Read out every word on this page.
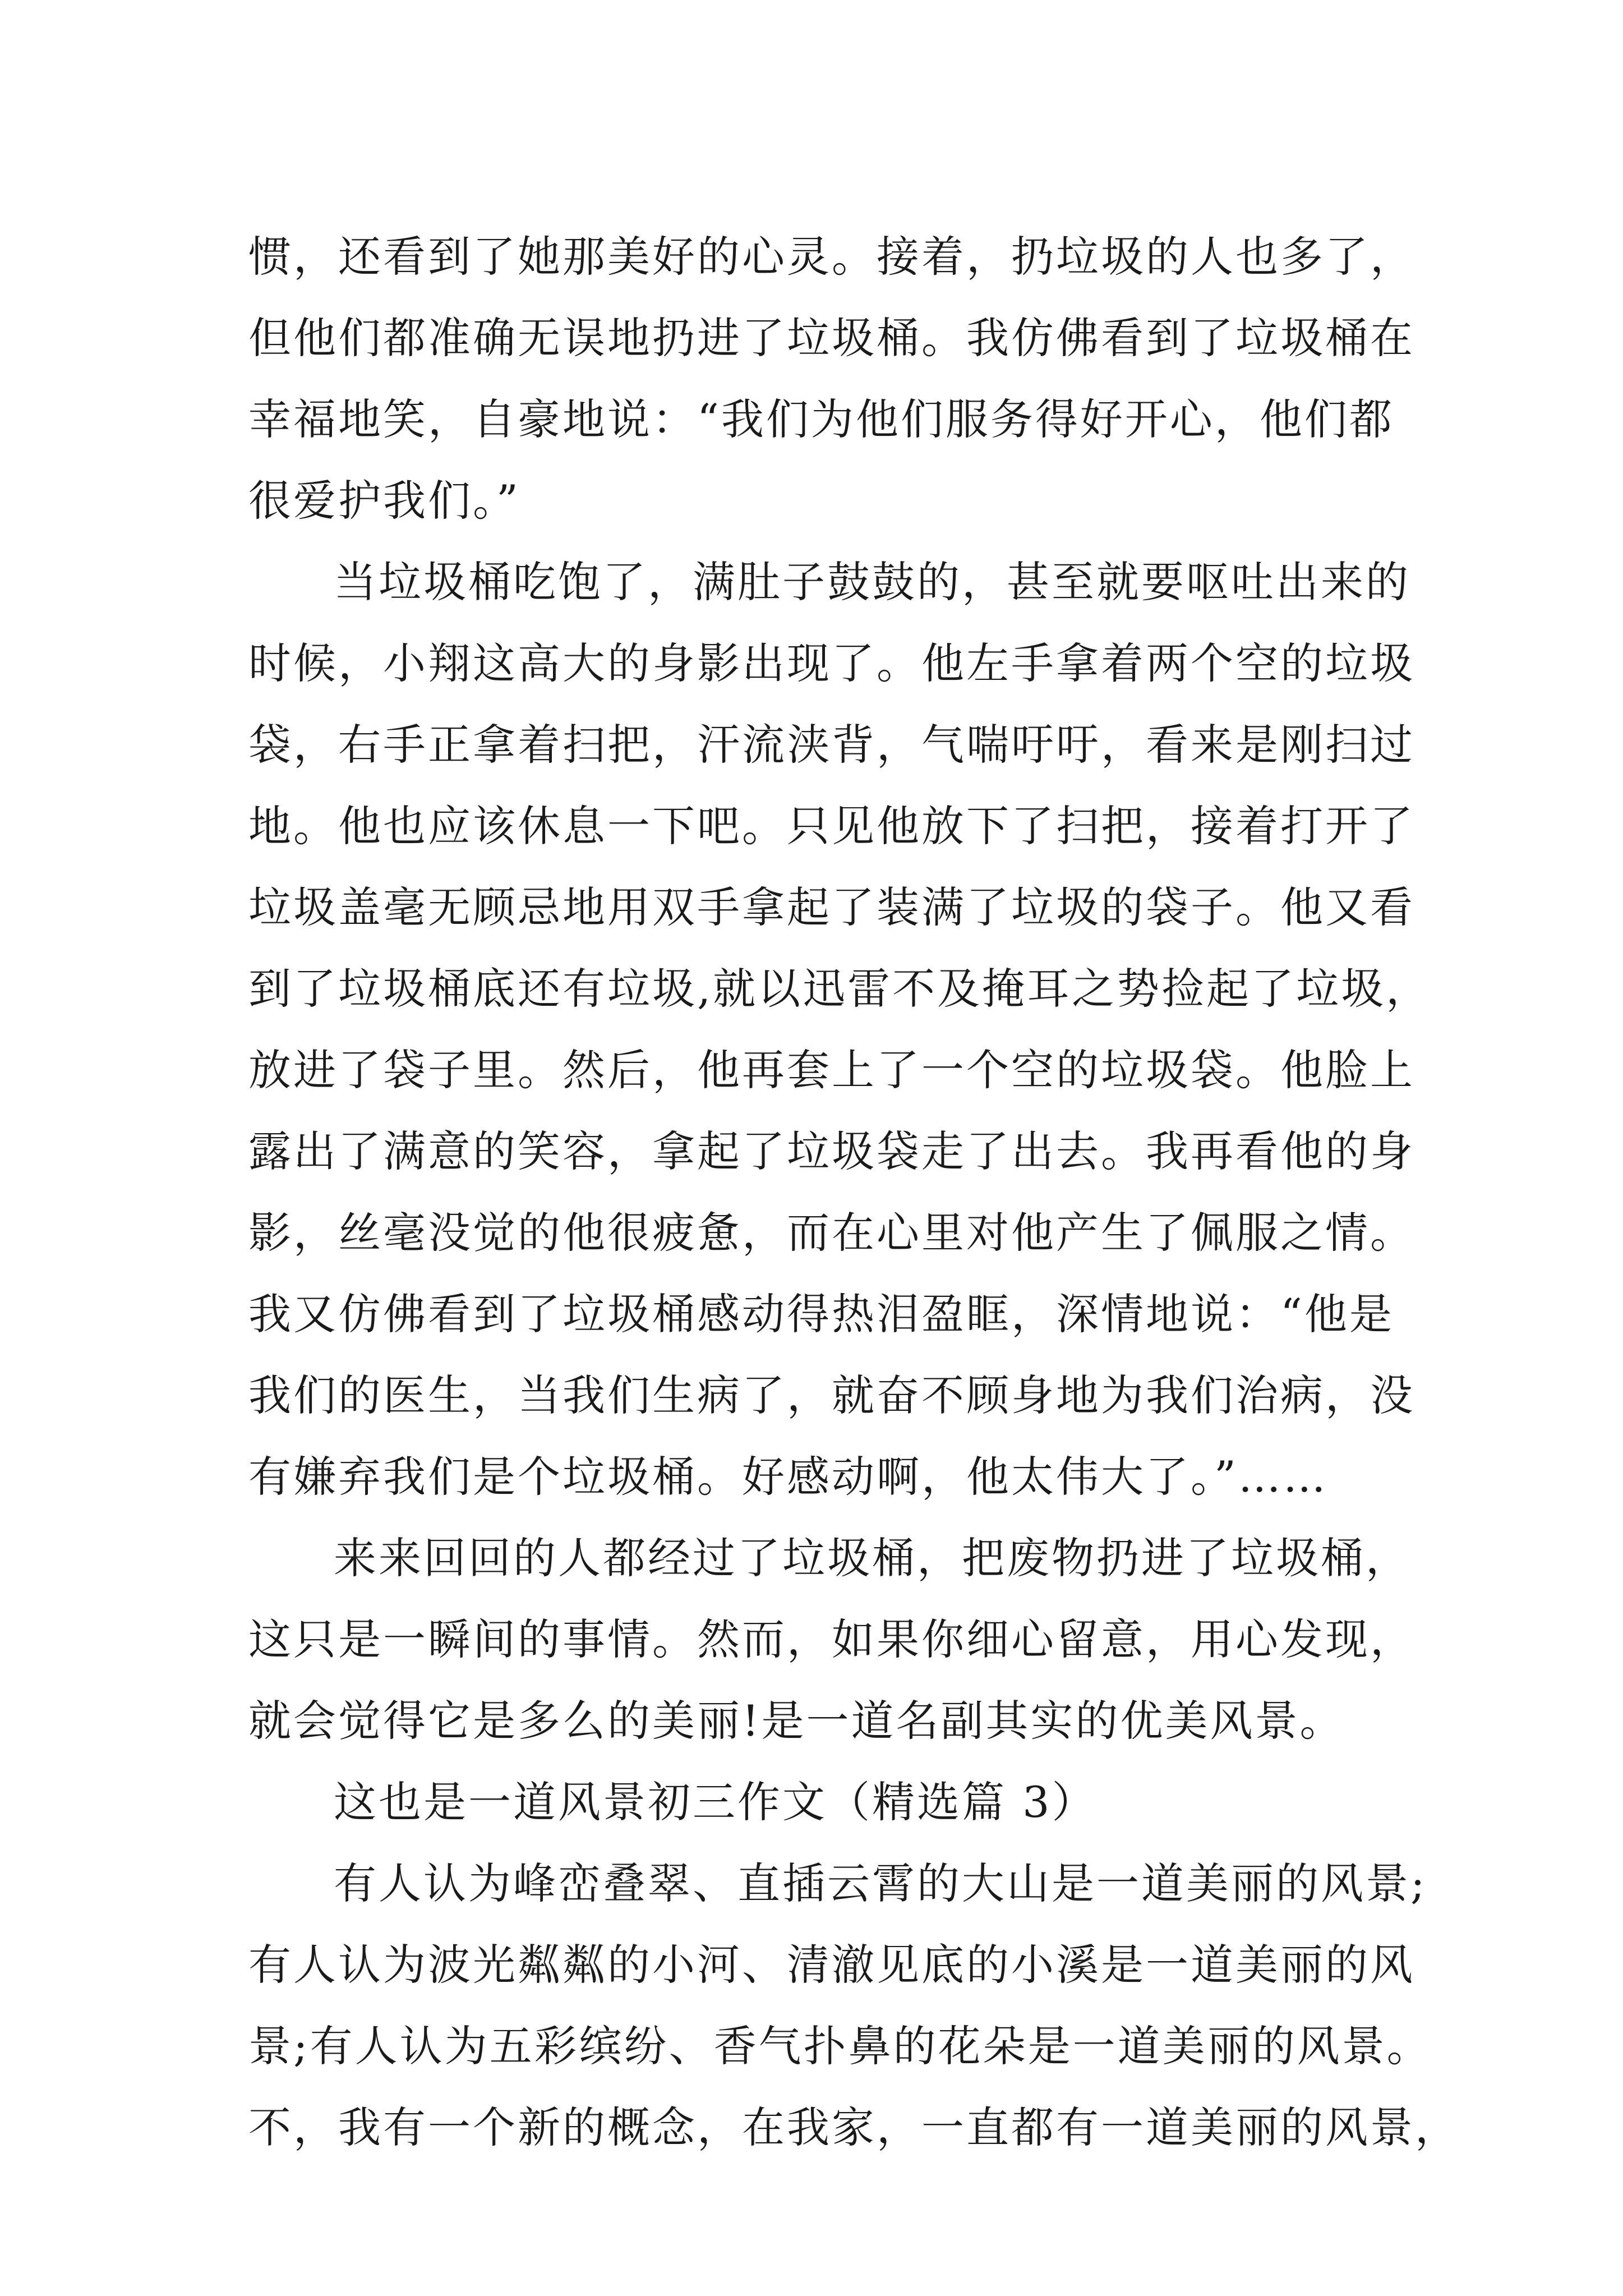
惯，还看到了她那美好的心灵。接着，扔垃圾的人也多了，
但他们都准确无误地扔进了垃圾桶。我仿佛看到了垃圾桶在
幸福地笑，自豪地说：“我们为他们服务得好开心，他们都
很爱护我们。”
当垃圾桶吃饱了，满肚子鼓鼓的，甚至就要呕吐出来的
时候，小翔这高大的身影出现了。他左手拿着两个空的垃圾
袋，右手正拿着扫把，汗流浃背，气喘吁吁，看来是刚扫过
地。他也应该休息一下吧。只见他放下了扫把，接着打开了
垃圾盖毫无顾忌地用双手拿起了装满了垃圾的袋子。他又看
到了垃圾桶底还有垃圾,就以迅雷不及掩耳之势捡起了垃圾，
放进了袋子里。然后，他再套上了一个空的垃圾袋。他脸上
露出了满意的笑容，拿起了垃圾袋走了出去。我再看他的身
影，丝毫没觉的他很疲惫，而在心里对他产生了佩服之情。
我又仿佛看到了垃圾桶感动得热泪盈眶，深情地说：“他是
我们的医生，当我们生病了，就奋不顾身地为我们治病，没
有嫌弃我们是个垃圾桶。好感动啊，他太伟大了。”……
来来回回的人都经过了垃圾桶，把废物扔进了垃圾桶，
这只是一瞬间的事情。然而，如果你细心留意，用心发现，
就会觉得它是多么的美丽!是一道名副其实的优美风景。
这也是一道风景初三作文（精选篇 3）
有人认为峰峦叠翠、直插云霄的大山是一道美丽的风景;
有人认为波光粼粼的小河、清澈见底的小溪是一道美丽的风
景;有人认为五彩缤纷、香气扑鼻的花朵是一道美丽的风景。
不，我有一个新的概念，在我家，一直都有一道美丽的风景，
